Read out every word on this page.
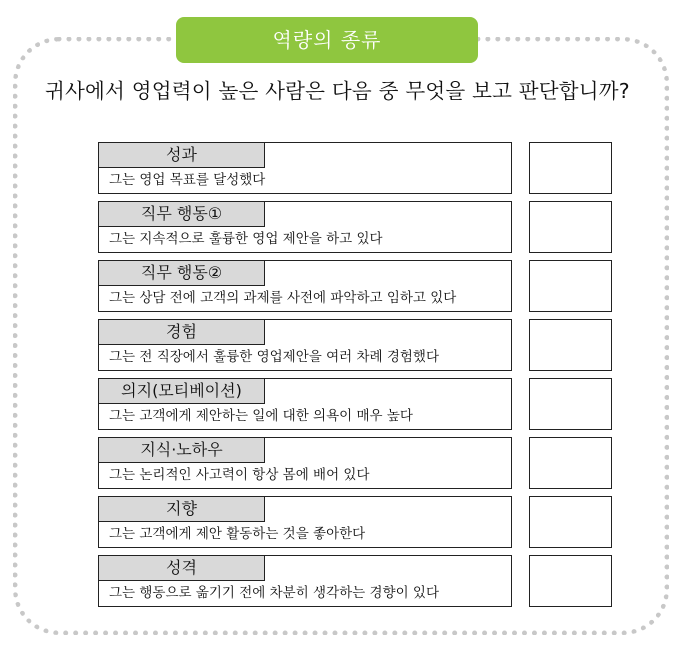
역량의 종류
귀사에서 영업력이 높은 사람은 다음 중 무엇을 보고 판단합니까?
성과
그는 영업 목표를 달성했다
직무 행동①
그는 지속적으로 훌륭한 영업 제안을 하고 있다
직무 행동②
그는 상담 전에 고객의 과제를 사전에 파악하고 임하고 있다
경험
그는 전 직장에서 훌륭한 영업제안을 여러 차례 경험했다
의지(모티베이션)
그는 고객에게 제안하는 일에 대한 의욕이 매우 높다
지식·노하우
그는 논리적인 사고력이 항상 몸에 배어 있다
지향
그는 고객에게 제안 활동하는 것을 좋아한다
성격
그는 행동으로 옮기기 전에 차분히 생각하는 경향이 있다
